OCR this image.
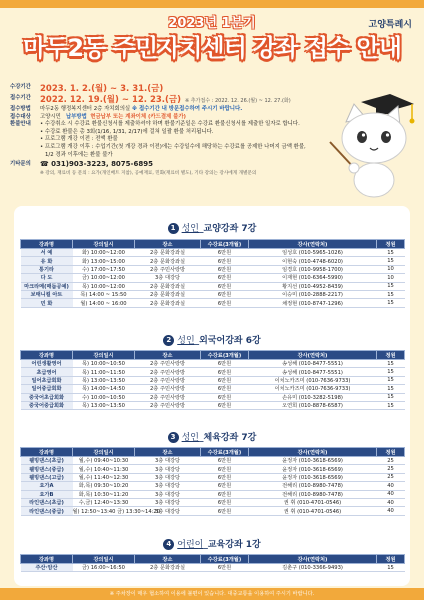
고양특례시
2023년 1분기
마두2동 주민자치센터 강좌 접수 안내
수강기간	2023. 1. 2.(월) ~ 3. 31.(금)
접수기간	2022. 12. 19.(월) ~ 12. 23.(금) ※ 추가접수 : 2022. 12. 26.(월) ~ 12. 27.(화)
접수방법	마두2동 행정복지센터 2층 자치회의실 ※ 접수기간 내 방문접수하여 주시기 바랍니다.
접수대상	고양시민 납부방법 현금납부 또는 계좌이체 (카드결제 불가)
환불안내	• 수강취소 시 수강료 환불신청서를 제출하셔야 하며 환불기준일은 수강료 환불신청서를 제출한 일자로 합니다.
• 수강료 환불은 총 3회(1/16, 1/31, 2/17)에 걸쳐 일괄 환불 처리됩니다.
• 프로그램 개강 이전 : 전액 환불
• 프로그램 개강 이후 : 수업기간(첫 개강 경과 이전)에는 수강일수에 해당하는 수강료를 공제한 나머지 금액 환불, 1/2 경과 이후에는 환불 불가
기타문의	☎ 031)903-3223, 8075-6895
※ 강의, 재료비 등 문의 : 요가(개인배트 지참), 공예재료, 민화(재료비 별도), 기타 강의는 강사에게 개별문의
1 성인_교양강좌 7강
강좌명	강의일시	장소	수강료(3개월)	강사(연락처)	정원
서 예	화) 10:00~12:00	2층 문화강좌실	6만원	임성호 (010-5965-1026)	15
유 화	화) 13:00~15:00	2층 문화강좌실	6만원	이현숙 (010-4748-6020)	15
통기타	수) 17:00~17:50	2층 주민사랑방	6만원	임경호 (010-9958-1700)	10
다 도	금) 10:00~12:00	3층 대강당	6만원	이재현 (010-6364-5990)	10
마크라메(매듭공예)	목) 10:00~12:00	2층 문화강좌실	6만원	황지선 (010-4952-8439)	15
보태니컬 아트	목) 14:00 ~ 15:50	2층 문화강좌실	6만원	이승미 (010-2888-2217)	15
민 화	월) 14:00 ~ 16:00	2층 문화강좌실	6만원	채정현 (010-8747-1296)	15
2 성인_외국어강좌 6강
강좌명	강의일시	장소	수강료(3개월)	강사(연락처)	정원
어린생활영어	목) 10:00~10:50	2층 주민사랑방	6만원	송성해 (010-8477-5551)	15
초급영어	목) 11:00~11:50	2층 주민사랑방	6만원	송성해 (010-8477-5551)	15
일어초급회화	목) 13:00~13:50	2층 주민사랑방	6만원	이치노카즈미 (010-7636-9733)	15
일어중급회화	목) 14:00~14:50	2층 주민사랑방	6만원	이치노카즈미 (010-7636-9733)	15
중국어초급회화	수) 10:00~10:50	2층 주민사랑방	6만원	손유미 (010-3282-5198)	15
중국어중급회화	목) 13:00~13:50	2층 주민사랑방	6만원	오연희 (010-8878-6587)	15
3 성인_체육강좌 7강
강좌명	강의일시	장소	수강료(3개월)	강사(연락처)	정원
웰빙댄스(초급)	월,수) 09:40~10:30	3층 대강당	6만원	윤정자 (010-3618-6569)	25
웰빙댄스(중급)	월,수) 10:40~11:30	3층 대강당	6만원	윤정자 (010-3618-6569)	25
웰빙댄스(고급)	월,수) 11:40~12:30	3층 대강당	6만원	윤정자 (010-3618-6569)	25
요가A	화,목) 09:30~10:20	3층 대강당	6만원	전해리 (010-8980-7478)	40
요가B	화,목) 10:30~11:20	3층 대강당	6만원	전해리 (010-8980-7478)	40
라인댄스(초급)	수,금) 12:40~13:30	3층 대강당	6만원	권 휘 (010-4701-0546)	40
라인댄스(중급)	월) 12:50~13:40 금) 13:30~14:20	3층 대강당	6만원	권 휘 (010-4701-0546)	40
4 어린이_교육강좌 1강
강좌명	강의일시	장소	수강료(3개월)	강사(연락처)	정원
주산·암산	금) 16:00~16:50	2층 문화강좌실	6만원	김춘구 (010-3366-9493)	15
※ 주차장이 매우 협소하여 이용에 불편이 있습니다. 대중교통을 이용하여 주시기 바랍니다.
